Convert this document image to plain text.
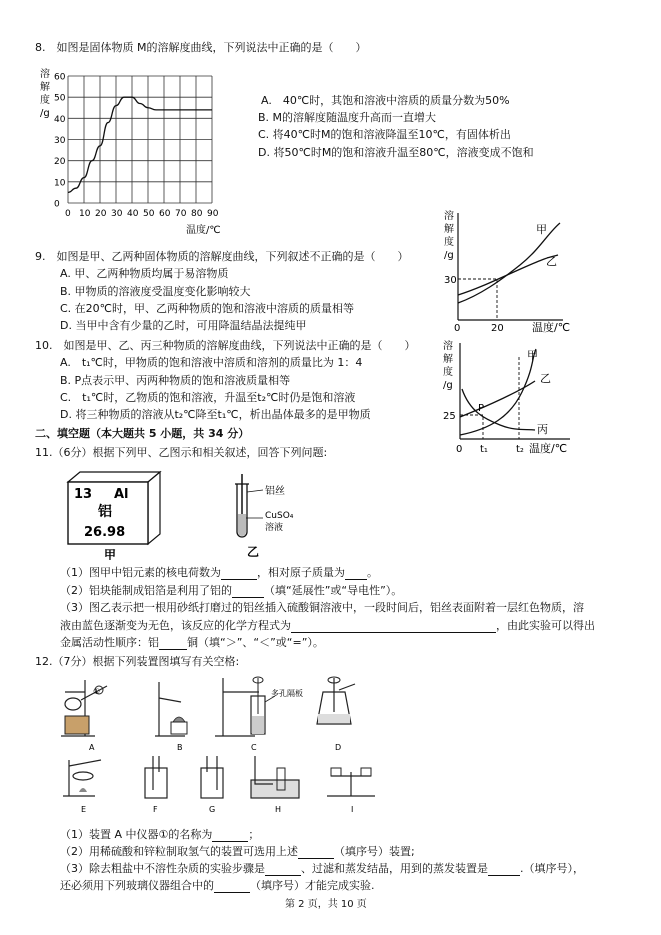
8.　如图是固体物质 M的溶解度曲线，下列说法中正确的是（　　）
溶
解
度
/g
0
10
20
30
40
50
60
0 10 20 30 40 50 60 70 80 90
温度/℃
A.　40℃时，其饱和溶液中溶质的质量分数为50%
B. M的溶解度随温度升高而一直增大
C. 将40℃时M的饱和溶液降温至10℃，有固体析出
D. 将50℃时M的饱和溶液升温至80℃，溶液变成不饱和
溶
解
度
/g
30
0	20	温度/℃
甲
乙
9.　如图是甲、乙两种固体物质的溶解度曲线，下列叙述不正确的是（　　）
A. 甲、乙两种物质均属于易溶物质
B. 甲物质的溶液度受温度变化影响较大
C. 在20℃时，甲、乙两种物质的饱和溶液中溶质的质量相等
D. 当甲中含有少量的乙时，可用降温结晶法提纯甲
溶
解
度
/g
25
P
0 t₁	t₂ 温度/℃
甲
乙
丙
10.　如图是甲、乙、丙三种物质的溶解度曲线，下列说法中正确的是（　　）
A.　t₁℃时，甲物质的饱和溶液中溶质和溶剂的质量比为 1：4
B. P点表示甲、丙两种物质的饱和溶液质量相等
C.　t₁℃时，乙物质的饱和溶液，升温至t₂℃时仍是饱和溶液
D. 将三种物质的溶液从t₂℃降至t₁℃，析出晶体最多的是甲物质
二、填空题（本大题共 5 小题，共 34 分）
11.（6分）根据下列甲、乙图示和相关叙述，回答下列问题:
13 Al
铝
26.98
甲
铝丝
CuSO₄
溶液
乙
（1）图甲中铝元素的核电荷数为	，相对原子质量为 。
（2）铝块能制成铝箔是利用了铝的	（填“延展性”或“导电性”）。
（3）图乙表示把一根用砂纸打磨过的铝丝插入硫酸铜溶液中，一段时间后，铝丝表面附着一层红色物质，溶
液由蓝色逐渐变为无色，该反应的化学方程式为	，由此实验可以得出
金属活动性顺序：铝	铜（填“＞”、“＜”或“=”）。
12.（7分）根据下列装置图填写有关空格:
①	多孔隔板
A	B	C	D
E	F	G	H	I
（1）装置 A 中仪器①的名称为	；
（2）用稀硫酸和锌粒制取氢气的装置可选用上述	（填序号）装置;
（3）除去粗盐中不溶性杂质的实验步骤是	、过滤和蒸发结晶，用到的蒸发装置是	.（填序号），
还必须用下列玻璃仪器组合中的	（填序号）才能完成实验.
第 2 页，共 10 页
